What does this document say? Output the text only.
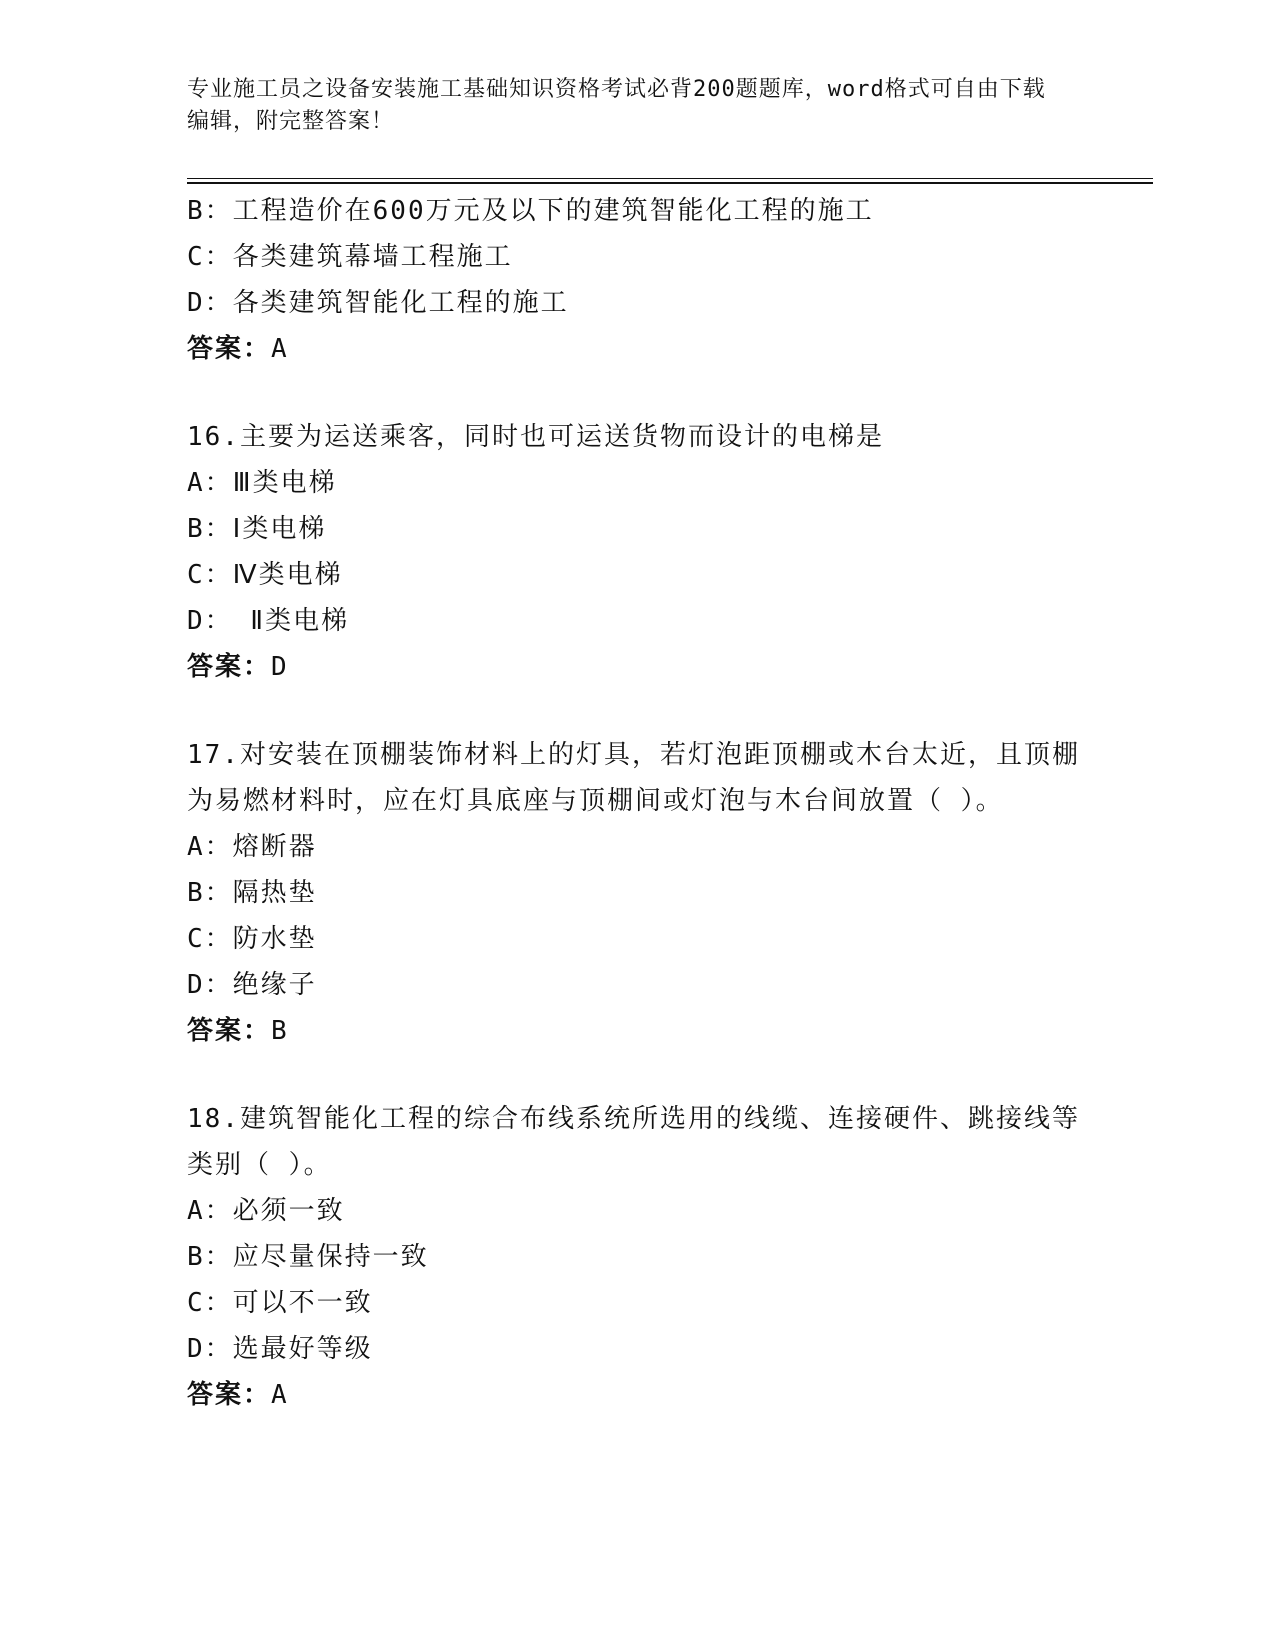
专业施工员之设备安装施工基础知识资格考试必背200题题库，word格式可自由下载编辑，附完整答案！
B：工程造价在600万元及以下的建筑智能化工程的施工
C：各类建筑幕墙工程施工
D：各类建筑智能化工程的施工
答案：A
16.主要为运送乘客，同时也可运送货物而设计的电梯是
A：Ⅲ类电梯
B：Ⅰ类电梯
C：Ⅳ类电梯
D： Ⅱ类电梯
答案：D
17.对安装在顶棚装饰材料上的灯具，若灯泡距顶棚或木台太近，且顶棚为易燃材料时，应在灯具底座与顶棚间或灯泡与木台间放置（ ）。
A：熔断器
B：隔热垫
C：防水垫
D：绝缘子
答案：B
18.建筑智能化工程的综合布线系统所选用的线缆、连接硬件、跳接线等类别（ ）。
A：必须一致
B：应尽量保持一致
C：可以不一致
D：选最好等级
答案：A
